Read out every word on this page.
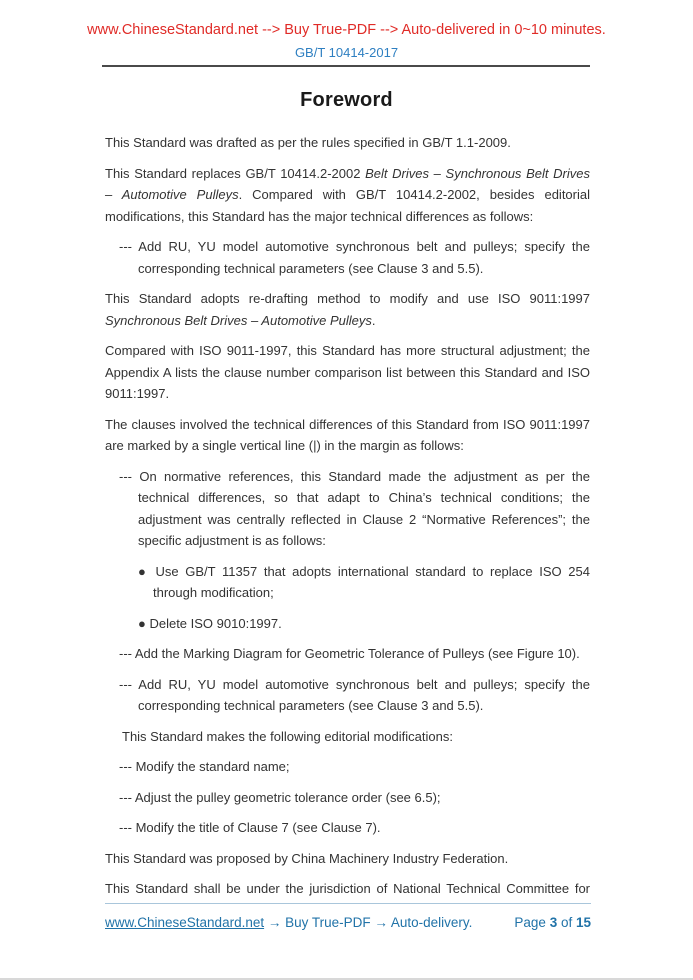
www.ChineseStandard.net --> Buy True-PDF --> Auto-delivered in 0~10 minutes.
GB/T 10414-2017
Foreword

This Standard was drafted as per the rules specified in GB/T 1.1-2009.

This Standard replaces GB/T 10414.2-2002 Belt Drives – Synchronous Belt Drives – Automotive Pulleys. Compared with GB/T 10414.2-2002, besides editorial modifications, this Standard has the major technical differences as follows:

--- Add RU, YU model automotive synchronous belt and pulleys; specify the corresponding technical parameters (see Clause 3 and 5.5).

This Standard adopts re-drafting method to modify and use ISO 9011:1997 Synchronous Belt Drives – Automotive Pulleys.

Compared with ISO 9011-1997, this Standard has more structural adjustment; the Appendix A lists the clause number comparison list between this Standard and ISO 9011:1997.

The clauses involved the technical differences of this Standard from ISO 9011:1997 are marked by a single vertical line (|) in the margin as follows:

--- On normative references, this Standard made the adjustment as per the technical differences, so that adapt to China’s technical conditions; the adjustment was centrally reflected in Clause 2 “Normative References”; the specific adjustment is as follows:

● Use GB/T 11357 that adopts international standard to replace ISO 254 through modification;

● Delete ISO 9010:1997.

--- Add the Marking Diagram for Geometric Tolerance of Pulleys (see Figure 10).

--- Add RU, YU model automotive synchronous belt and pulleys; specify the corresponding technical parameters (see Clause 3 and 5.5).

This Standard makes the following editorial modifications:

--- Modify the standard name;

--- Adjust the pulley geometric tolerance order (see 6.5);

--- Modify the title of Clause 7 (see Clause 7).

This Standard was proposed by China Machinery Industry Federation.

This Standard shall be under the jurisdiction of National Technical Committee for

www.ChineseStandard.net → Buy True-PDF → Auto-delivery.	Page 3 of 15
